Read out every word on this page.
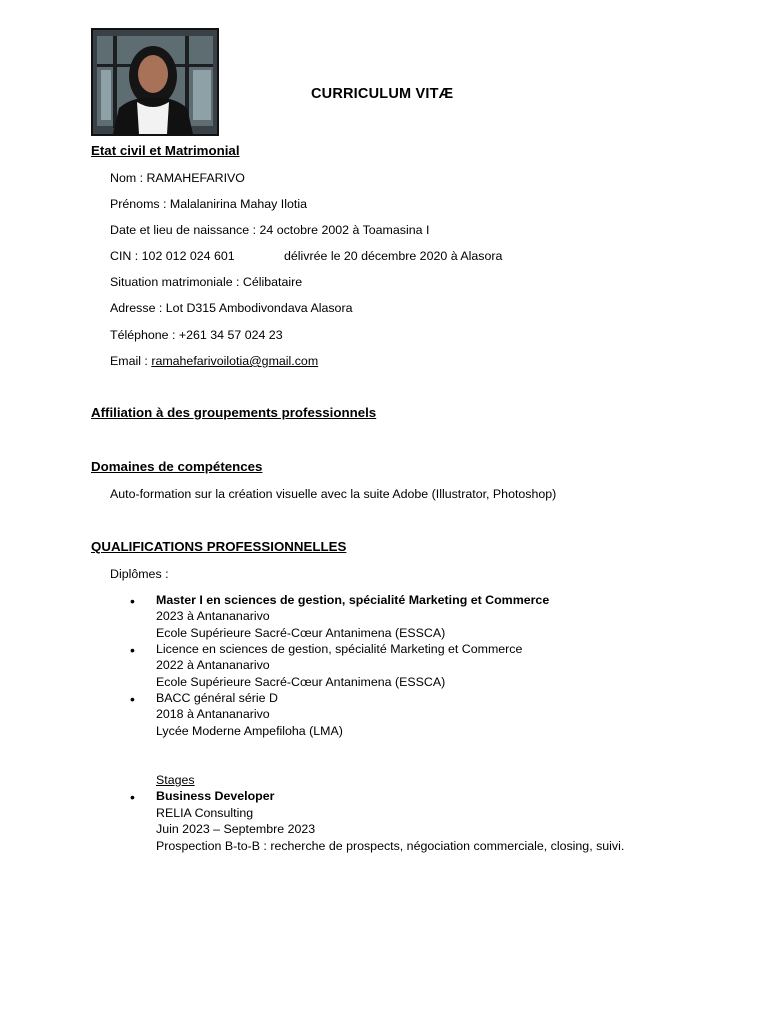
CURRICULUM VITÆ
Etat civil et Matrimonial
Nom : RAMAHEFARIVO
Prénoms : Malalanirina Mahay Ilotia
Date et lieu de naissance : 24 octobre 2002 à Toamasina I
CIN : 102 012 024 601	délivrée le 20 décembre 2020 à Alasora
Situation matrimoniale : Célibataire
Adresse : Lot D315 Ambodivondava Alasora
Téléphone : +261 34 57 024 23
Email : ramahefarivoilotia@gmail.com
Affiliation à des groupements professionnels
Domaines de compétences
Auto-formation sur la création visuelle avec la suite Adobe (Illustrator, Photoshop)
QUALIFICATIONS PROFESSIONNELLES
Diplômes :
• Master I en sciences de gestion, spécialité Marketing et Commerce
2023 à Antananarivo
Ecole Supérieure Sacré-Cœur Antanimena (ESSCA)
• Licence en sciences de gestion, spécialité Marketing et Commerce
2022 à Antananarivo
Ecole Supérieure Sacré-Cœur Antanimena (ESSCA)
• BACC général série D
2018 à Antananarivo
Lycée Moderne Ampefiloha (LMA)
Stages
• Business Developer
RELIA Consulting
Juin 2023 – Septembre 2023
Prospection B-to-B : recherche de prospects, négociation commerciale, closing, suivi.
